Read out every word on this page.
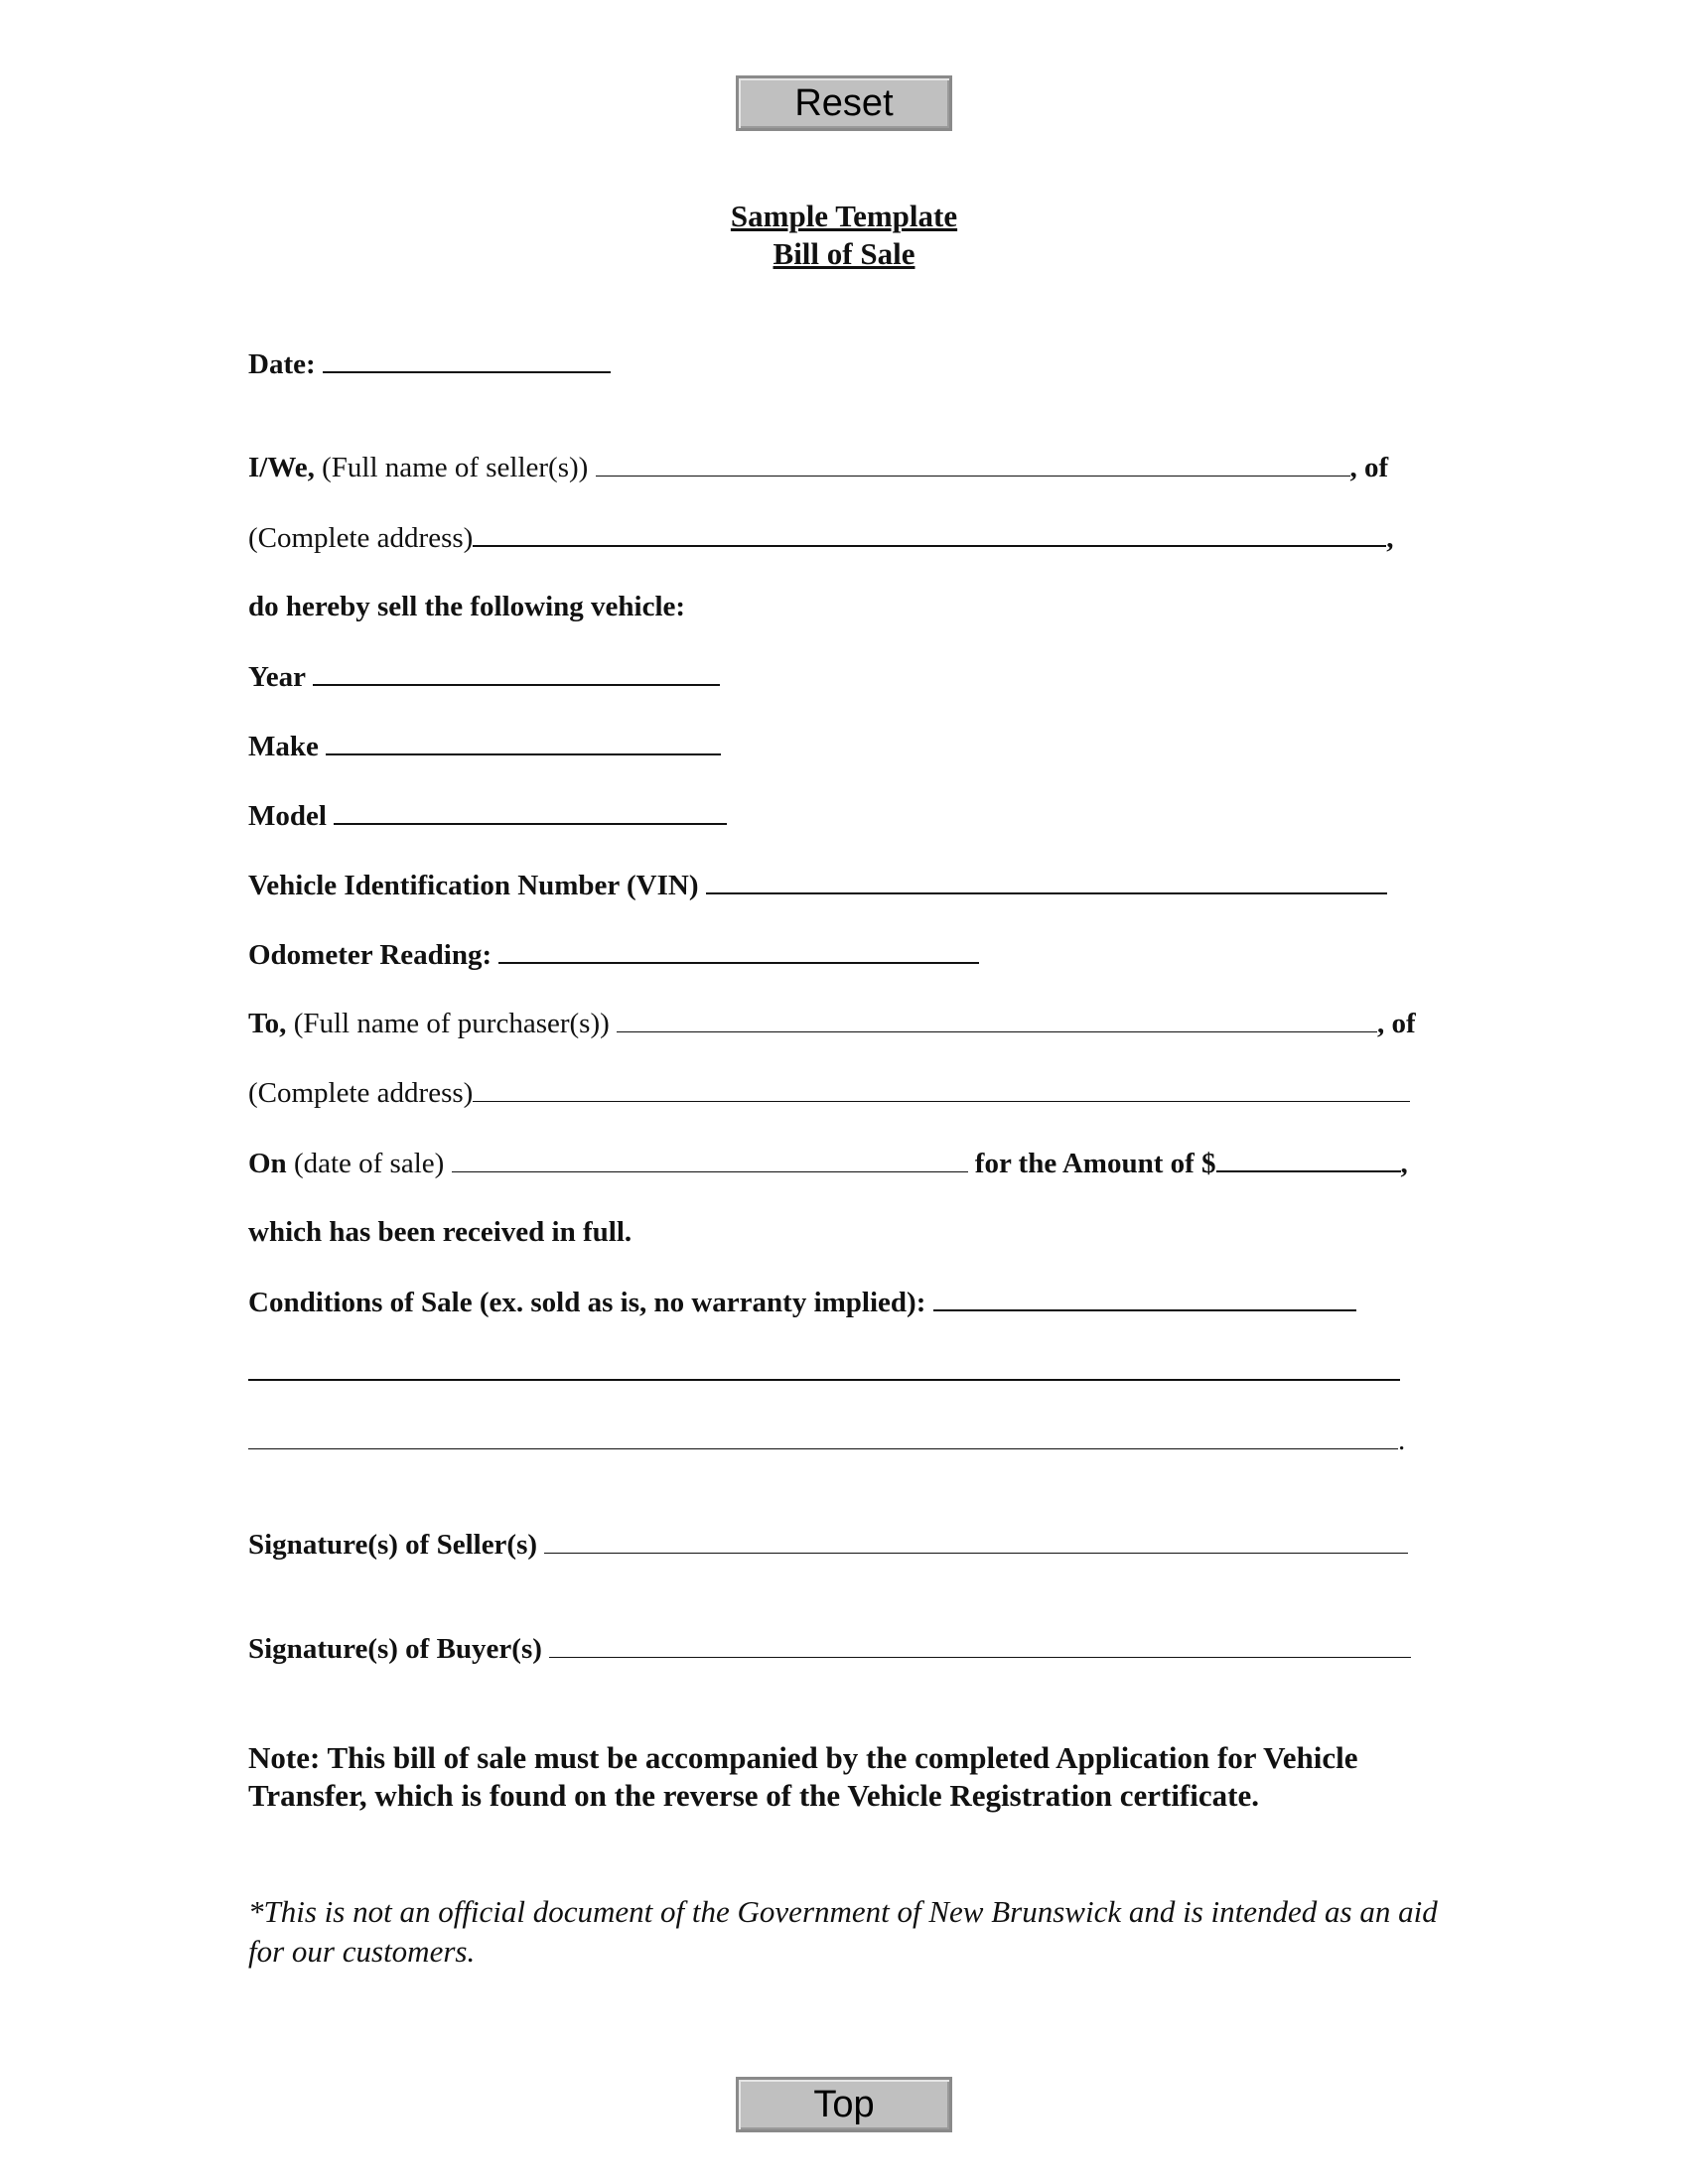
Reset
Sample Template
Bill of Sale
Date:
I/We, (Full name of seller(s))	, of
(Complete address)	,
do hereby sell the following vehicle:
Year
Make
Model
Vehicle Identification Number (VIN)
Odometer Reading:
To, (Full name of purchaser(s))	, of
(Complete address)
On (date of sale)	for the Amount of $	,
which has been received in full.
Conditions of Sale (ex. sold as is, no warranty implied):
.
Signature(s) of Seller(s)
Signature(s) of Buyer(s)
Note: This bill of sale must be accompanied by the completed Application for Vehicle Transfer, which is found on the reverse of the Vehicle Registration certificate.
*This is not an official document of the Government of New Brunswick and is intended as an aid for our customers.
Top
